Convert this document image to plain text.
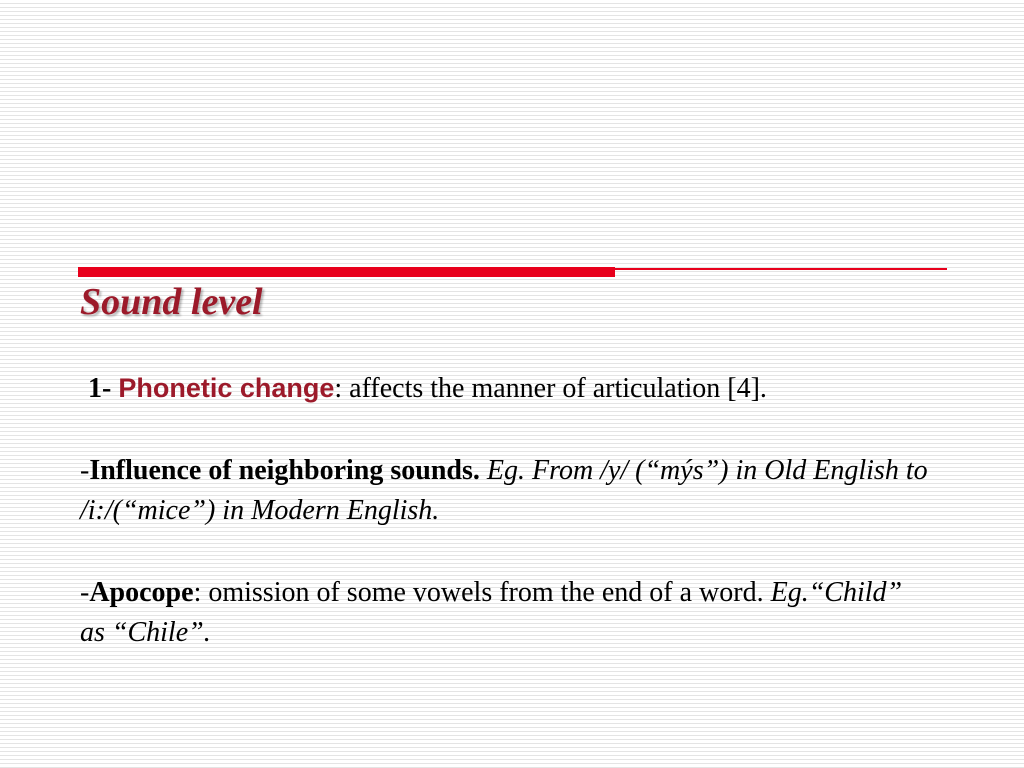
Sound level

1- Phonetic change: affects the manner of articulation [4].

-Influence of neighboring sounds. Eg. From /y/ (“mýs”) in Old English to /i:/(“mice”) in Modern English.

-Apocope: omission of some vowels from the end of a word. Eg.“Child” as “Chile”.
